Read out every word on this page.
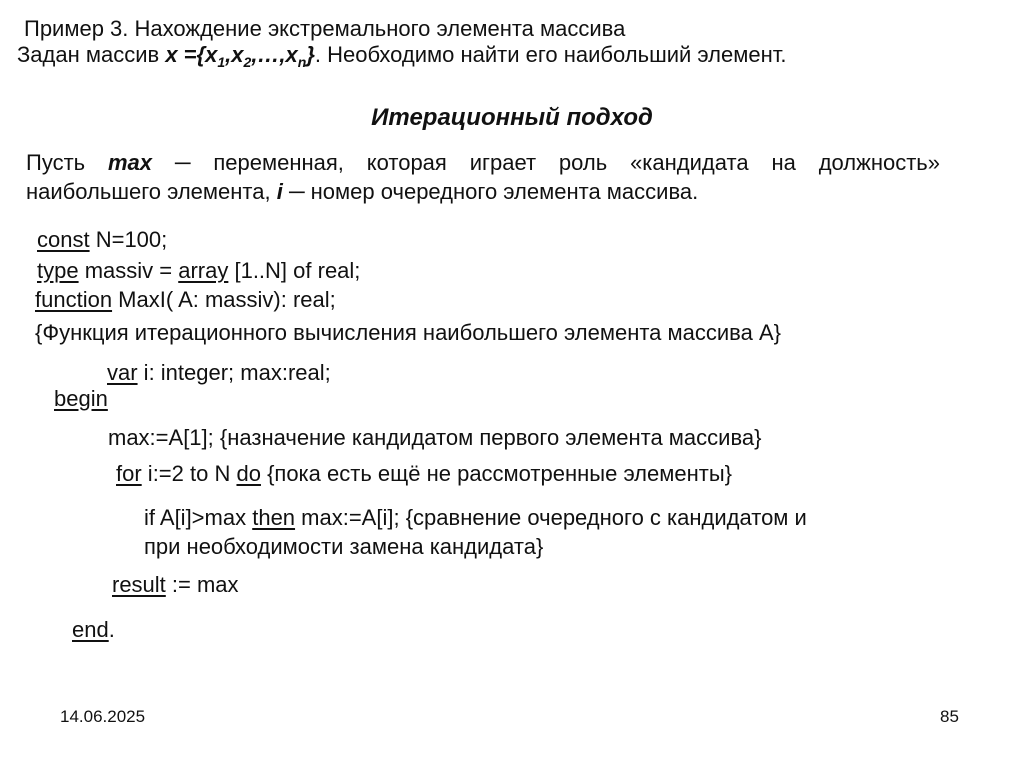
Пример 3. Нахождение экстремального элемента массива
Задан массив $x =\{x_1,x_2,\dots,x_n\}$. Необходимо найти его наибольший элемент.
Итерационный подход
Пусть max ─ переменная, которая играет роль «кандидата на должность»
наибольшего элемента, i ─ номер очередного элемента массива.
const N=100;
type massiv = array [1..N] of real;
function MaxI( A: massiv): real;
{Функция итерационного вычисления наибольшего элемента массива А}
var i: integer; max:real;
begin
max:=A[1]; {назначение кандидатом первого элемента массива}
for i:=2 to N do {пока есть ещё не рассмотренные элементы}
if A[i]>max then max:=A[i]; {сравнение очередного с кандидатом и
при необходимости замена кандидата}
result := max
end.
14.06.2025	85
